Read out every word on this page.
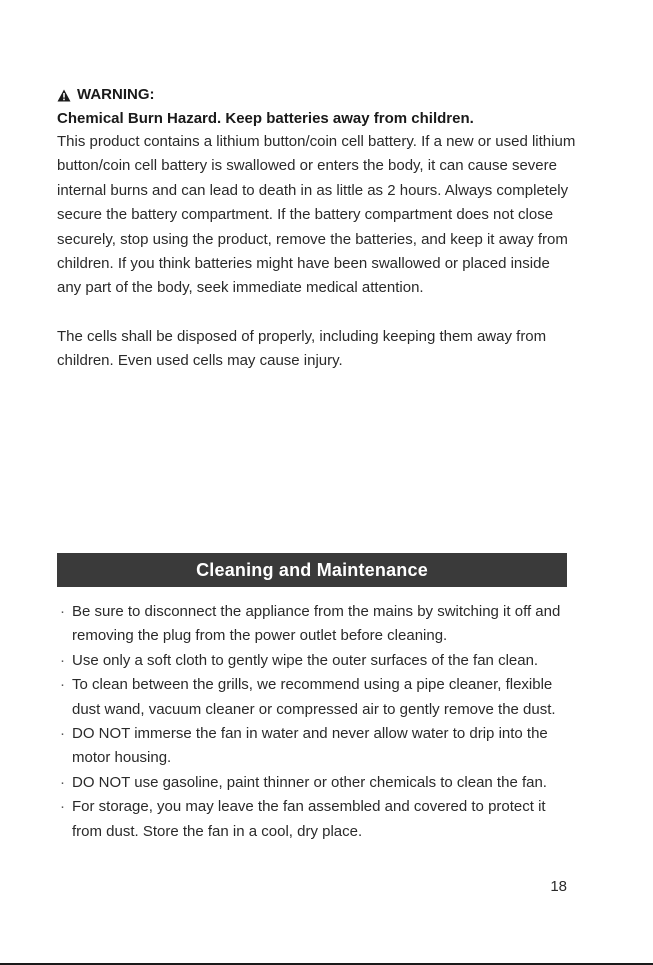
WARNING:
Chemical Burn Hazard. Keep batteries away from children.

This product contains a lithium button/coin cell battery. If a new or used lithium button/coin cell battery is swallowed or enters the body, it can cause severe internal burns and can lead to death in as little as 2 hours. Always completely secure the battery compartment. If the battery compartment does not close securely, stop using the product, remove the batteries, and keep it away from children. If you think batteries might have been swallowed or placed inside any part of the body, seek immediate medical attention.

The cells shall be disposed of properly, including keeping them away from children. Even used cells may cause injury.

Cleaning and Maintenance
· Be sure to disconnect the appliance from the mains by switching it off and removing the plug from the power outlet before cleaning.
· Use only a soft cloth to gently wipe the outer surfaces of the fan clean.
· To clean between the grills, we recommend using a pipe cleaner, flexible dust wand, vacuum cleaner or compressed air to gently remove the dust.
· DO NOT immerse the fan in water and never allow water to drip into the motor housing.
· DO NOT use gasoline, paint thinner or other chemicals to clean the fan.
· For storage, you may leave the fan assembled and covered to protect it from dust. Store the fan in a cool, dry place.
18
